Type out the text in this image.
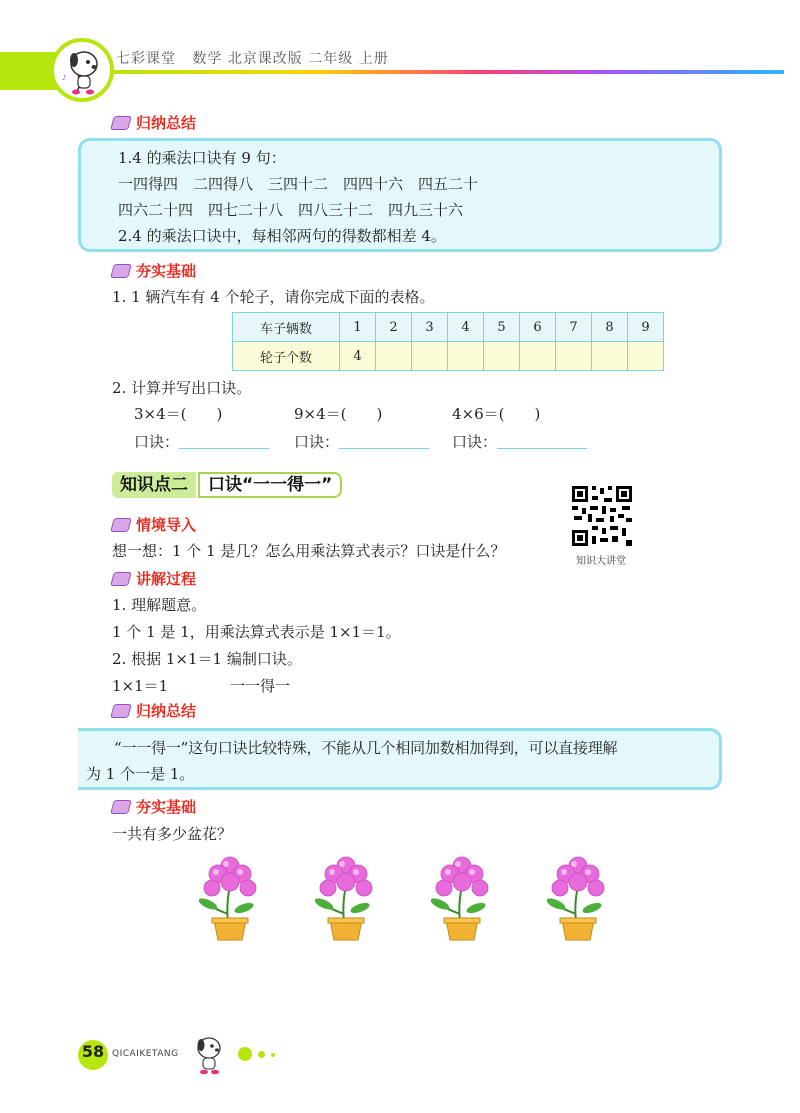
♪
七彩课堂 数学 北京课改版 二年级 上册
归纳总结
1.4 的乘法口诀有 9 句：
一四得四　二四得八　三四十二　四四十六　四五二十
四六二十四　四七二十八　四八三十二　四九三十六
2.4 的乘法口诀中，每相邻两句的得数都相差 4。
夯实基础
1. 1 辆汽车有 4 个轮子，请你完成下面的表格。
车子辆数	1	2	3	4	5	6	7	8	9
轮子个数	4								
2. 计算并写出口诀。
3×4＝(　　)	9×4＝(　　)	4×6＝(　　)
口诀：	口诀：	口诀：
知识点二 口诀“一一得一”
知识大讲堂
情境导入
想一想：1 个 1 是几？怎么用乘法算式表示？口诀是什么？
讲解过程
1. 理解题意。
1 个 1 是 1，用乘法算式表示是 1×1＝1。
2. 根据 1×1＝1 编制口诀。
1×1＝1	一一得一
归纳总结
“一一得一”这句口诀比较特殊，不能从几个相同加数相加得到，可以直接理解
为 1 个一是 1。
夯实基础
一共有多少盆花？
58 QICAIKETANG
